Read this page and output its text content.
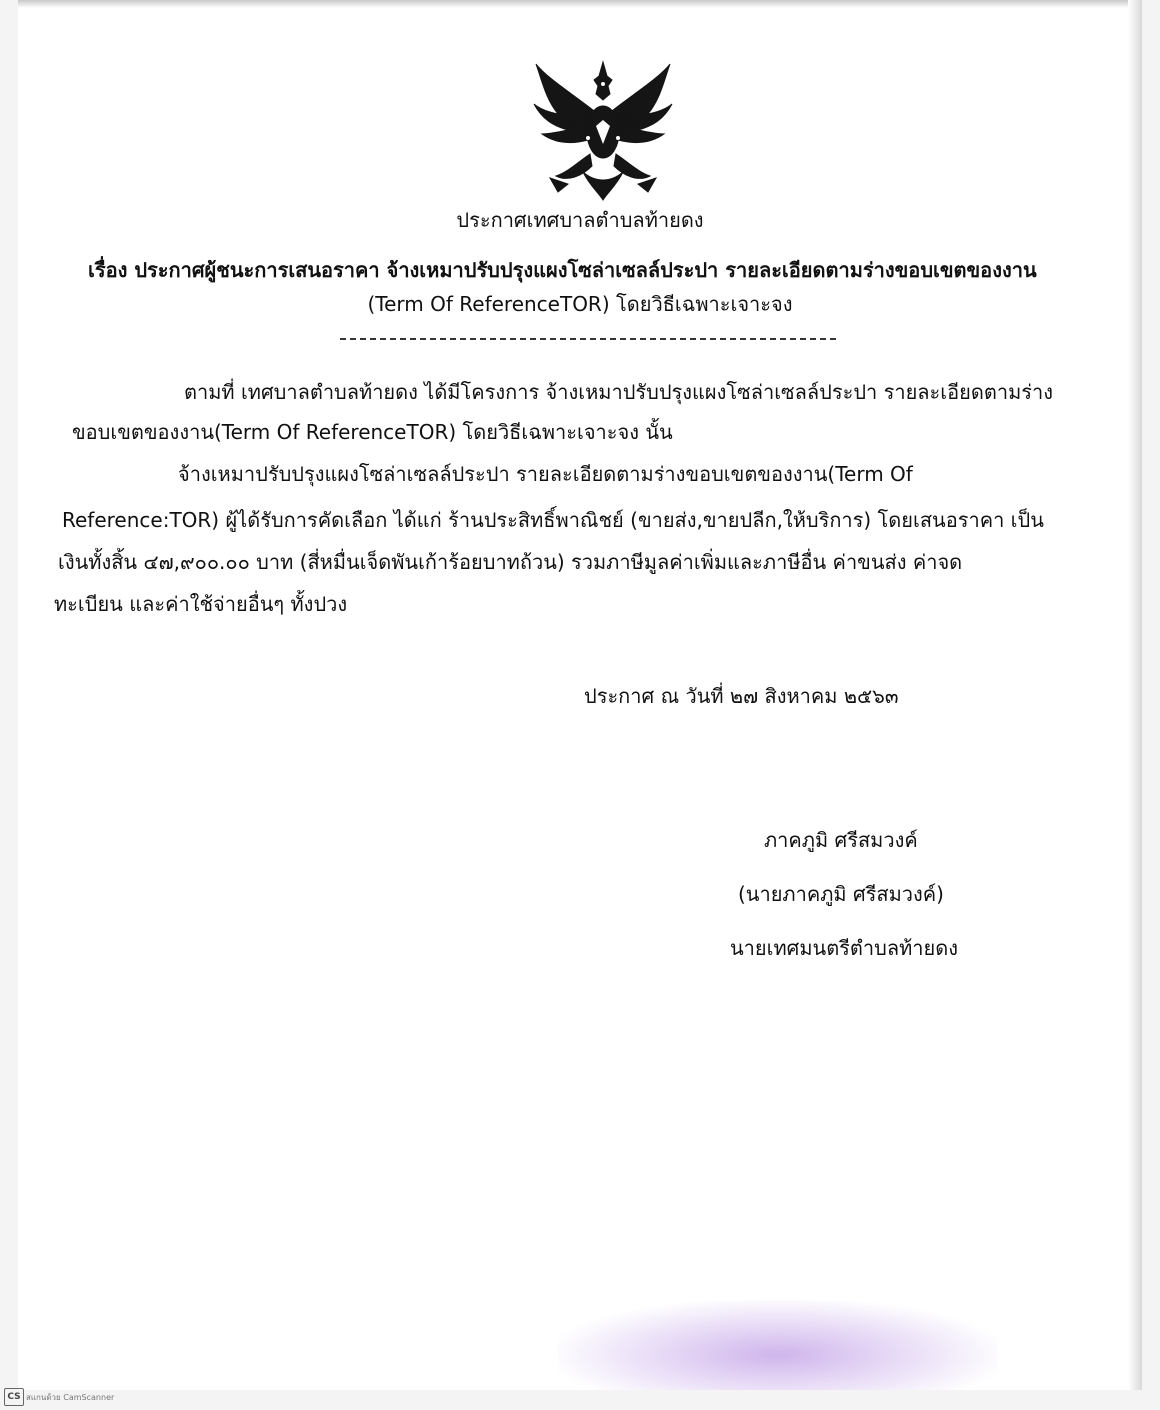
ประกาศเทศบาลตำบลท้ายดง
เรื่อง ประกาศผู้ชนะการเสนอราคา จ้างเหมาปรับปรุงแผงโซล่าเซลล์ประปา รายละเอียดตามร่างขอบเขตของงาน
(Term Of ReferenceTOR) โดยวิธีเฉพาะเจาะจง
ตามที่ เทศบาลตำบลท้ายดง ได้มีโครงการ จ้างเหมาปรับปรุงแผงโซล่าเซลล์ประปา รายละเอียดตามร่าง
ขอบเขตของงาน(Term Of ReferenceTOR) โดยวิธีเฉพาะเจาะจง นั้น
จ้างเหมาปรับปรุงแผงโซล่าเซลล์ประปา รายละเอียดตามร่างขอบเขตของงาน(Term Of
Reference:TOR) ผู้ได้รับการคัดเลือก ได้แก่ ร้านประสิทธิ์พาณิชย์ (ขายส่ง,ขายปลีก,ให้บริการ) โดยเสนอราคา เป็น
เงินทั้งสิ้น ๔๗,๙๐๐.๐๐ บาท (สี่หมื่นเจ็ดพันเก้าร้อยบาทถ้วน) รวมภาษีมูลค่าเพิ่มและภาษีอื่น ค่าขนส่ง ค่าจด
ทะเบียน และค่าใช้จ่ายอื่นๆ ทั้งปวง
ประกาศ ณ วันที่ ๒๗ สิงหาคม ๒๕๖๓
ภาคภูมิ ศรีสมวงค์
(นายภาคภูมิ ศรีสมวงค์)
นายเทศมนตรีตำบลท้ายดง
CS สแกนด้วย CamScanner
